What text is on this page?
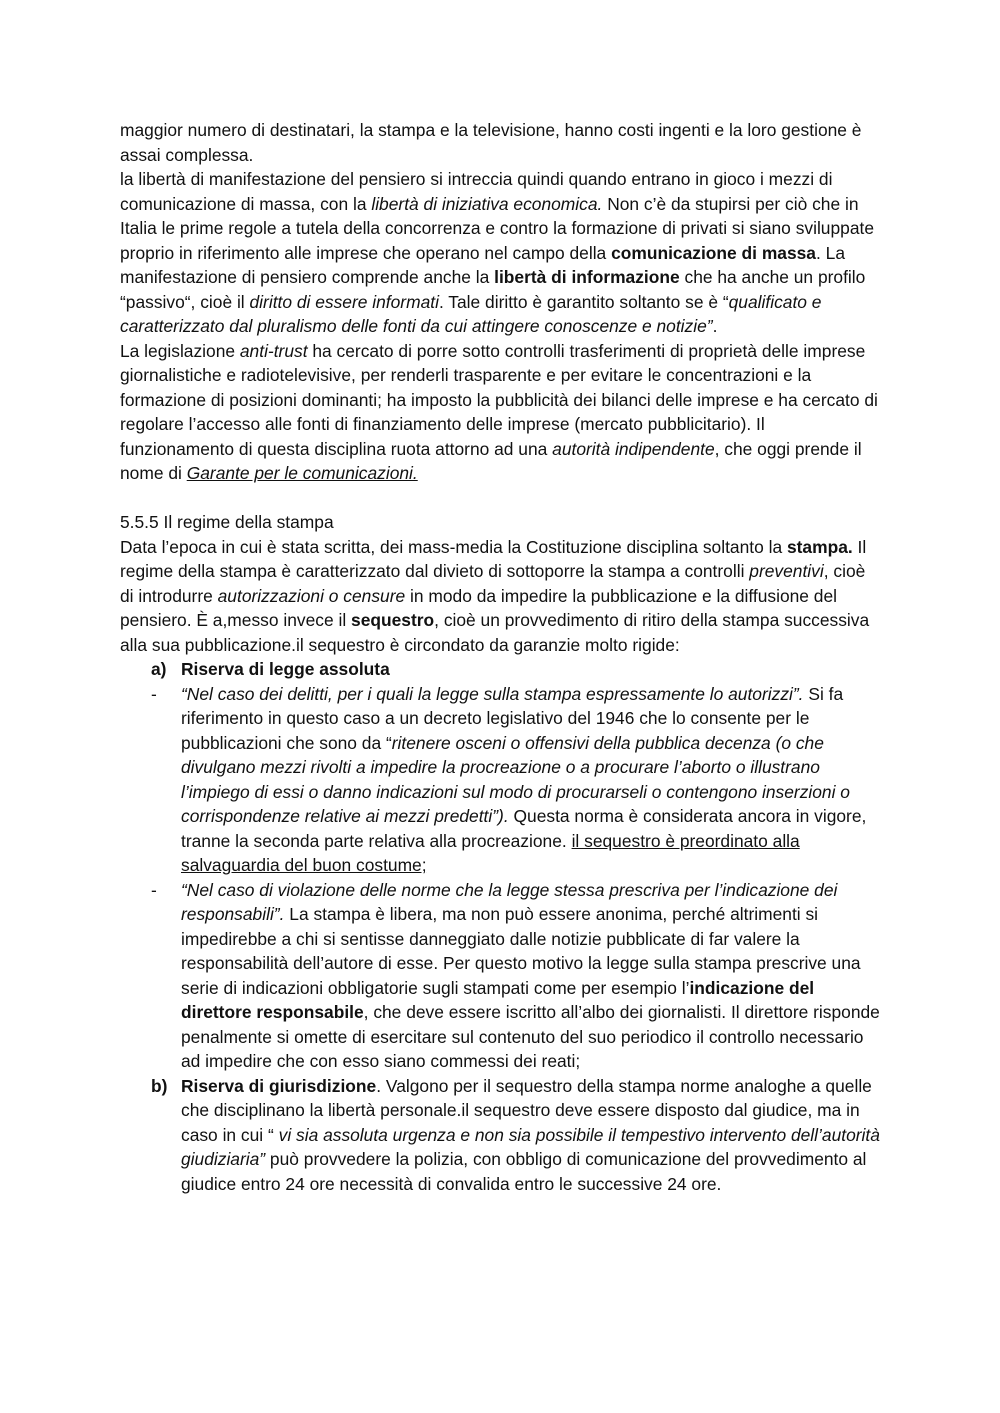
maggior numero di destinatari, la stampa e la televisione, hanno costi ingenti e la loro gestione è assai complessa.

la libertà di manifestazione del pensiero si intreccia quindi quando entrano in gioco i mezzi di comunicazione di massa, con la libertà di iniziativa economica. Non c’è da stupirsi per ciò che in Italia le prime regole a tutela della concorrenza e contro la formazione di privati si siano sviluppate proprio in riferimento alle imprese che operano nel campo della comunicazione di massa. La manifestazione di pensiero comprende anche la libertà di informazione che ha anche un profilo “passivo“, cioè il diritto di essere informati. Tale diritto è garantito soltanto se è “qualificato e caratterizzato dal pluralismo delle fonti da cui attingere conoscenze e notizie”.

La legislazione anti-trust ha cercato di porre sotto controlli trasferimenti di proprietà delle imprese giornalistiche e radiotelevisive, per renderli trasparente e per evitare le concentrazioni e la formazione di posizioni dominanti; ha imposto la pubblicità dei bilanci delle imprese e ha cercato di regolare l’accesso alle fonti di finanziamento delle imprese (mercato pubblicitario). Il funzionamento di questa disciplina ruota attorno ad una autorità indipendente, che oggi prende il nome di Garante per le comunicazioni.

5.5.5 Il regime della stampa

Data l’epoca in cui è stata scritta, dei mass-media la Costituzione disciplina soltanto la stampa. Il regime della stampa è caratterizzato dal divieto di sottoporre la stampa a controlli preventivi, cioè di introdurre autorizzazioni o censure in modo da impedire la pubblicazione e la diffusione del pensiero. È a,messo invece il sequestro, cioè un provvedimento di ritiro della stampa successiva alla sua pubblicazione.il sequestro è circondato da garanzie molto rigide:

a) Riserva di legge assoluta
- “Nel caso dei delitti, per i quali la legge sulla stampa espressamente lo autorizzi”. Si fa riferimento in questo caso a un decreto legislativo del 1946 che lo consente per le pubblicazioni che sono da “ritenere osceni o offensivi della pubblica decenza (o che divulgano mezzi rivolti a impedire la procreazione o a procurare l’aborto o illustrano l’impiego di essi o danno indicazioni sul modo di procurarseli o contengono inserzioni o corrispondenze relative ai mezzi predetti”). Questa norma è considerata ancora in vigore, tranne la seconda parte relativa alla procreazione. il sequestro è preordinato alla salvaguardia del buon costume;
- “Nel caso di violazione delle norme che la legge stessa prescriva per l’indicazione dei responsabili”. La stampa è libera, ma non può essere anonima, perché altrimenti si impedirebbe a chi si sentisse danneggiato dalle notizie pubblicate di far valere la responsabilità dell’autore di esse. Per questo motivo la legge sulla stampa prescrive una serie di indicazioni obbligatorie sugli stampati come per esempio l’indicazione del direttore responsabile, che deve essere iscritto all’albo dei giornalisti. Il direttore risponde penalmente si omette di esercitare sul contenuto del suo periodico il controllo necessario ad impedire che con esso siano commessi dei reati;
b) Riserva di giurisdizione. Valgono per il sequestro della stampa norme analoghe a quelle che disciplinano la libertà personale.il sequestro deve essere disposto dal giudice, ma in caso in cui “ vi sia assoluta urgenza e non sia possibile il tempestivo intervento dell’autorità giudiziaria” può provvedere la polizia, con obbligo di comunicazione del provvedimento al giudice entro 24 ore necessità di convalida entro le successive 24 ore.
